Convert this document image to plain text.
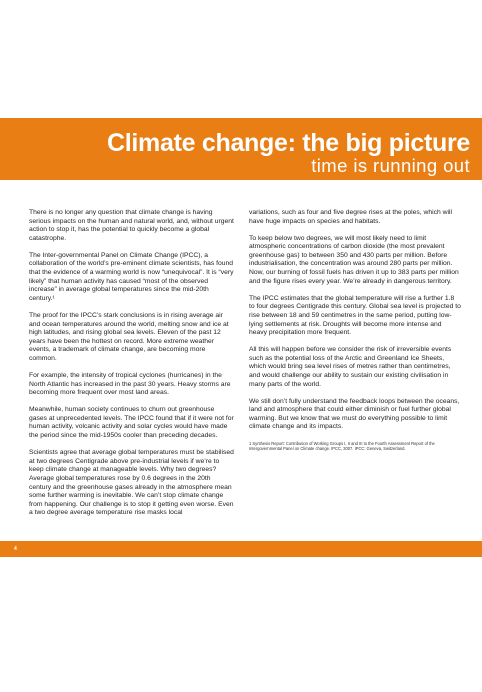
Climate change: the big picture
time is running out

There is no longer any question that climate change is having serious impacts on the human and natural world, and, without urgent action to stop it, has the potential to quickly become a global catastrophe.

The Inter-governmental Panel on Climate Change (IPCC), a collaboration of the world’s pre-eminent climate scientists, has found that the evidence of a warming world is now “unequivocal”. It is “very likely” that human activity has caused “most of the observed increase” in average global temperatures since the mid-20th century.¹

The proof for the IPCC’s stark conclusions is in rising average air and ocean temperatures around the world, melting snow and ice at high latitudes, and rising global sea levels. Eleven of the past 12 years have been the hottest on record. More extreme weather events, a trademark of climate change, are becoming more common.

For example, the intensity of tropical cyclones (hurricanes) in the North Atlantic has increased in the past 30 years. Heavy storms are becoming more frequent over most land areas.

Meanwhile, human society continues to churn out greenhouse gases at unprecedented levels. The IPCC found that if it were not for human activity, volcanic activity and solar cycles would have made the period since the mid-1950s cooler than preceding decades.

Scientists agree that average global temperatures must be stabilised at two degrees Centigrade above pre-industrial levels if we’re to keep climate change at manageable levels. Why two degrees? Average global temperatures rose by 0.6 degrees in the 20th century and the greenhouse gases already in the atmosphere mean some further warming is inevitable. We can’t stop climate change from happening. Our challenge is to stop it getting even worse. Even a two degree average temperature rise masks local

variations, such as four and five degree rises at the poles, which will have huge impacts on species and habitats.

To keep below two degrees, we will most likely need to limit atmospheric concentrations of carbon dioxide (the most prevalent greenhouse gas) to between 350 and 430 parts per million. Before industrialisation, the concentration was around 280 parts per million. Now, our burning of fossil fuels has driven it up to 383 parts per million and the figure rises every year. We’re already in dangerous territory.

The IPCC estimates that the global temperature will rise a further 1.8 to four degrees Centigrade this century. Global sea level is projected to rise between 18 and 59 centimetres in the same period, putting low-lying settlements at risk. Droughts will become more intense and heavy precipitation more frequent.

All this will happen before we consider the risk of irreversible events such as the potential loss of the Arctic and Greenland Ice Sheets, which would bring sea level rises of metres rather than centimetres, and would challenge our ability to sustain our existing civilisation in many parts of the world.

We still don’t fully understand the feedback loops between the oceans, land and atmosphere that could either diminish or fuel further global warming. But we know that we must do everything possible to limit climate change and its impacts.

1 Synthesis Report: Contribution of Working Groups I, II and III to the Fourth Assessment Report of the Intergovernmental Panel on Climate change. IPCC, 2007. IPCC: Geneva, Switzerland.

4
